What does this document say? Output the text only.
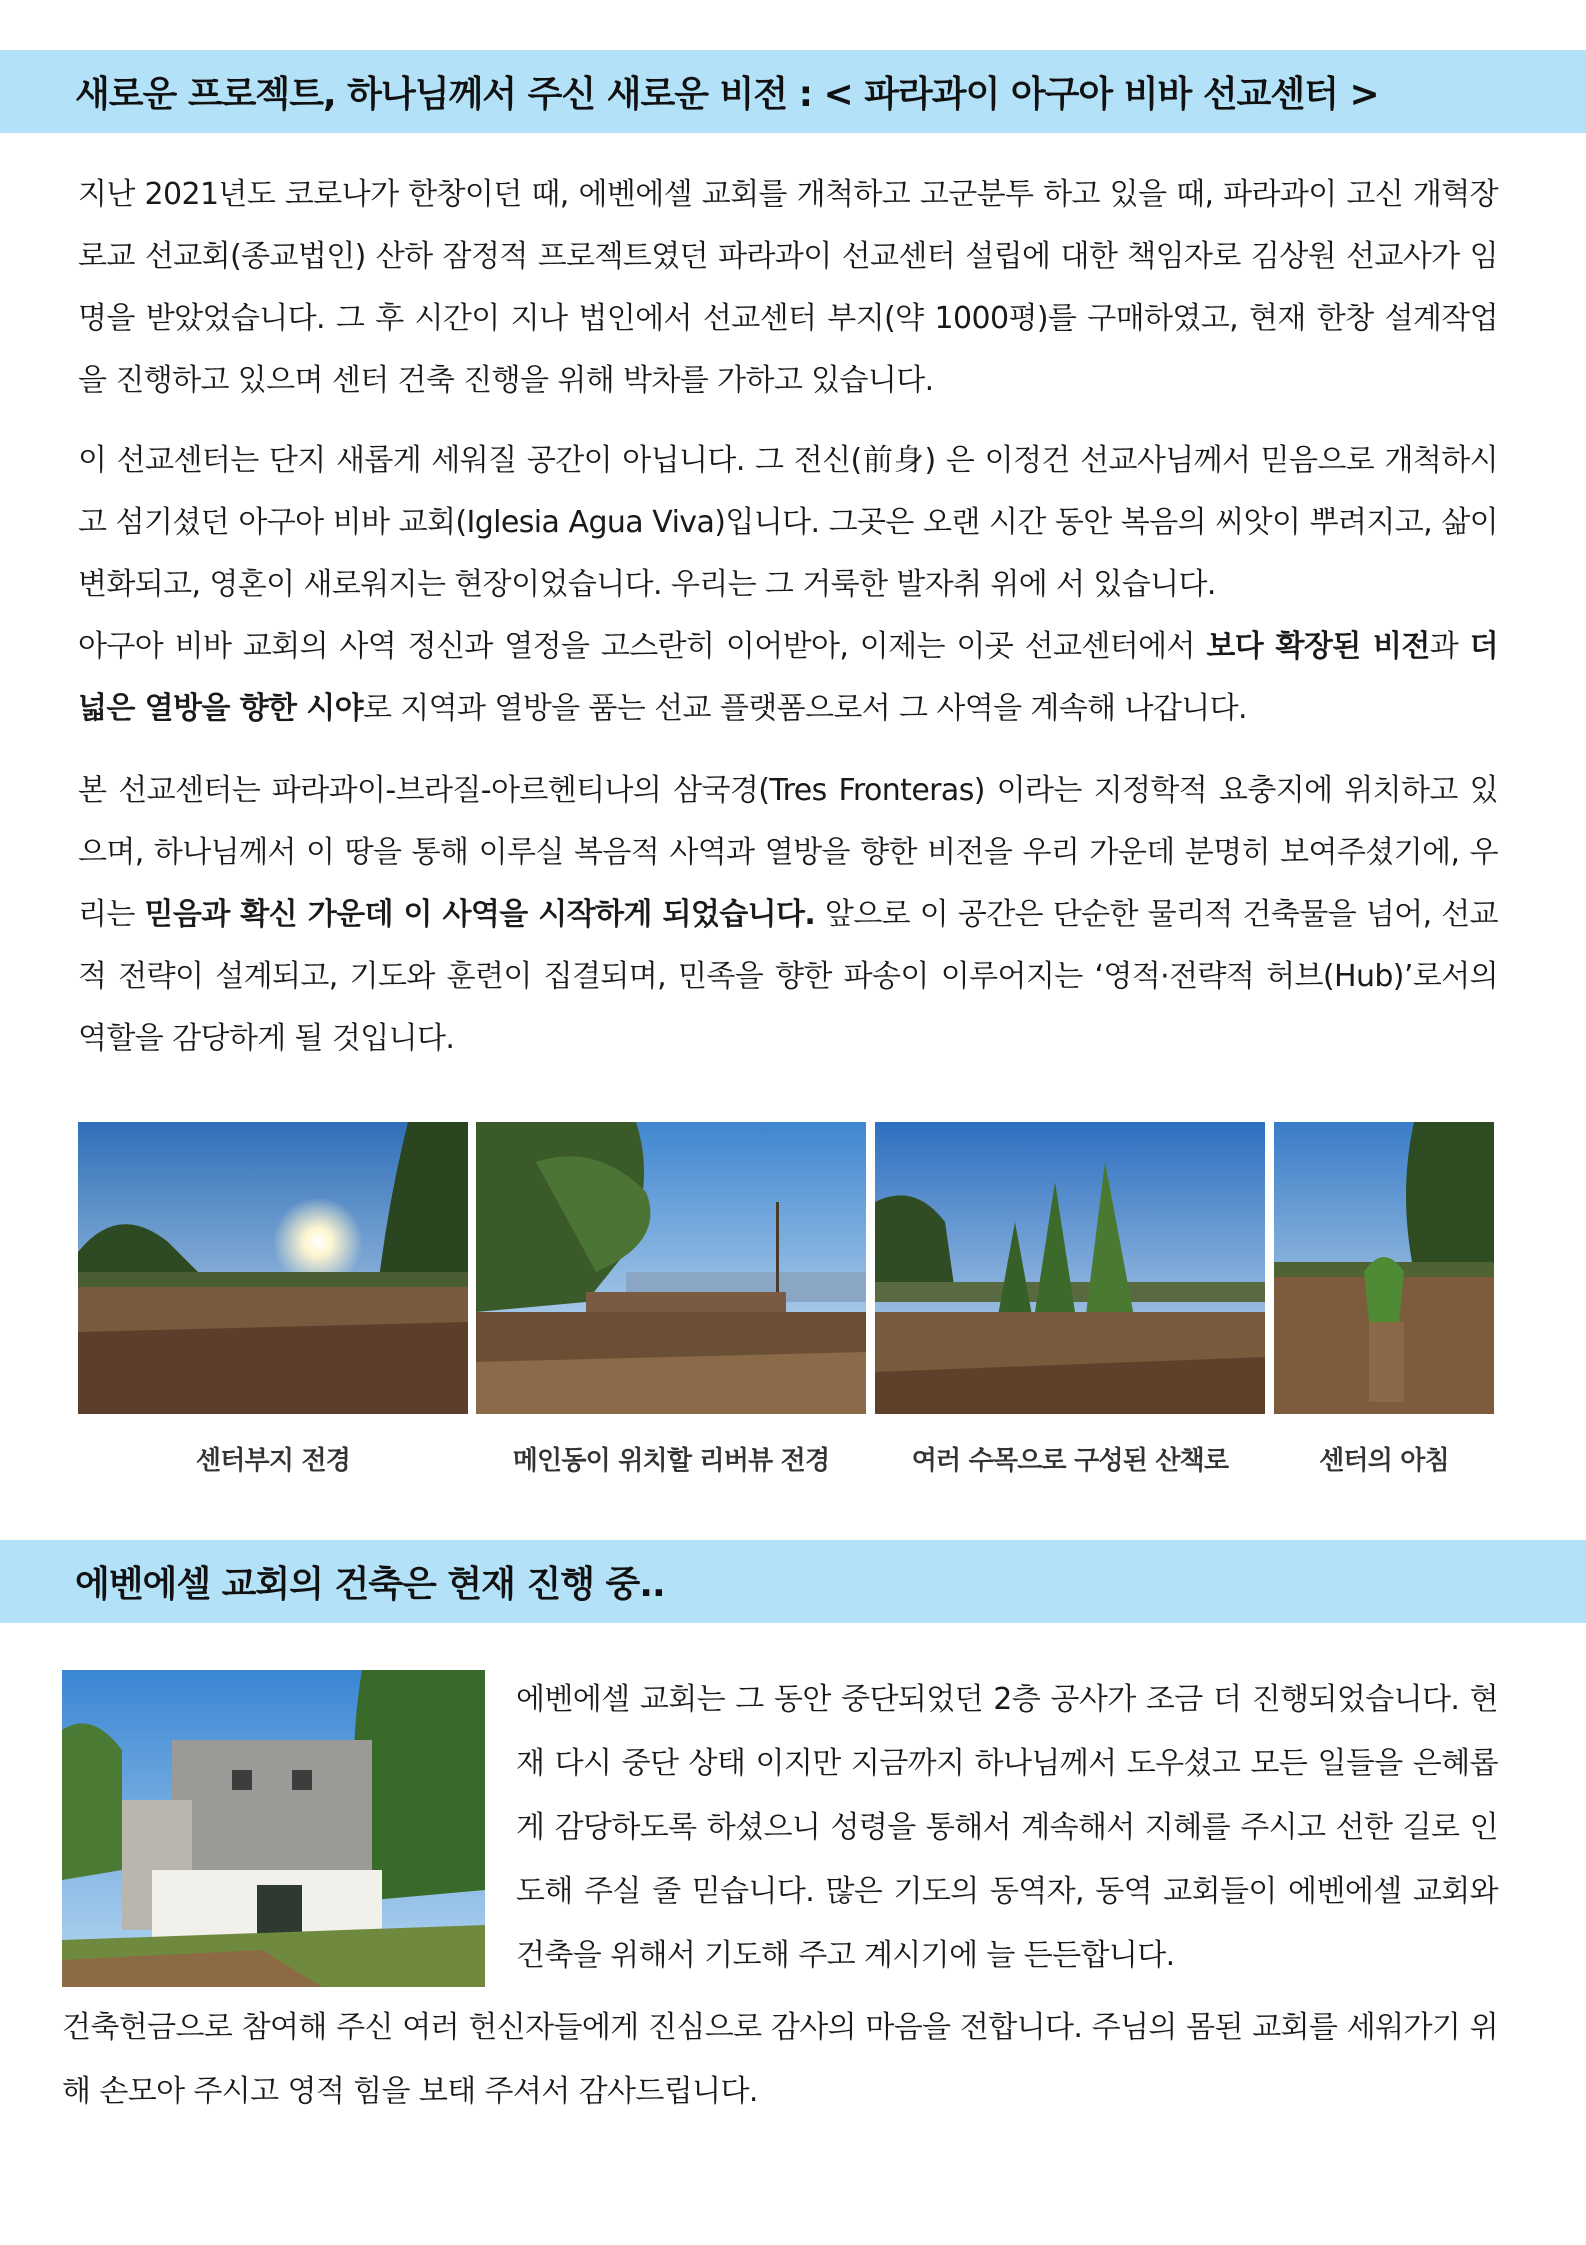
새로운 프로젝트, 하나님께서 주신 새로운 비전 : < 파라과이 아구아 비바 선교센터 >

지난 2021년도 코로나가 한창이던 때, 에벤에셀 교회를 개척하고 고군분투 하고 있을 때, 파라과이 고신 개혁장로교 선교회(종교법인) 산하 잠정적 프로젝트였던 파라과이 선교센터 설립에 대한 책임자로 김상원 선교사가 임명을 받았었습니다. 그 후 시간이 지나 법인에서 선교센터 부지(약 1000평)를 구매하였고, 현재 한창 설계작업을 진행하고 있으며 센터 건축 진행을 위해 박차를 가하고 있습니다.

이 선교센터는 단지 새롭게 세워질 공간이 아닙니다. 그 전신(前身) 은 이정건 선교사님께서 믿음으로 개척하시고 섬기셨던 아구아 비바 교회(Iglesia Agua Viva)입니다. 그곳은 오랜 시간 동안 복음의 씨앗이 뿌려지고, 삶이 변화되고, 영혼이 새로워지는 현장이었습니다. 우리는 그 거룩한 발자취 위에 서 있습니다.

아구아 비바 교회의 사역 정신과 열정을 고스란히 이어받아, 이제는 이곳 선교센터에서 보다 확장된 비전과 더 넓은 열방을 향한 시야로 지역과 열방을 품는 선교 플랫폼으로서 그 사역을 계속해 나갑니다.

본 선교센터는 파라과이-브라질-아르헨티나의 삼국경(Tres Fronteras) 이라는 지정학적 요충지에 위치하고 있으며, 하나님께서 이 땅을 통해 이루실 복음적 사역과 열방을 향한 비전을 우리 가운데 분명히 보여주셨기에, 우리는 믿음과 확신 가운데 이 사역을 시작하게 되었습니다. 앞으로 이 공간은 단순한 물리적 건축물을 넘어, 선교적 전략이 설계되고, 기도와 훈련이 집결되며, 민족을 향한 파송이 이루어지는 ‘영적·전략적 허브(Hub)’로서의 역할을 감당하게 될 것입니다.

센터부지 전경	메인동이 위치할 리버뷰 전경	여러 수목으로 구성된 산책로	센터의 아침
에벤에셀 교회의 건축은 현재 진행 중..
에벤에셀 교회는 그 동안 중단되었던 2층 공사가 조금 더 진행되었습니다. 현재 다시 중단 상태 이지만 지금까지 하나님께서 도우셨고 모든 일들을 은혜롭게 감당하도록 하셨으니 성령을 통해서 계속해서 지혜를 주시고 선한 길로 인도해 주실 줄 믿습니다. 많은 기도의 동역자, 동역 교회들이 에벤에셀 교회와 건축을 위해서 기도해 주고 계시기에 늘 든든합니다.
건축헌금으로 참여해 주신 여러 헌신자들에게 진심으로 감사의 마음을 전합니다. 주님의 몸된 교회를 세워가기 위해 손모아 주시고 영적 힘을 보태 주셔서 감사드립니다.
